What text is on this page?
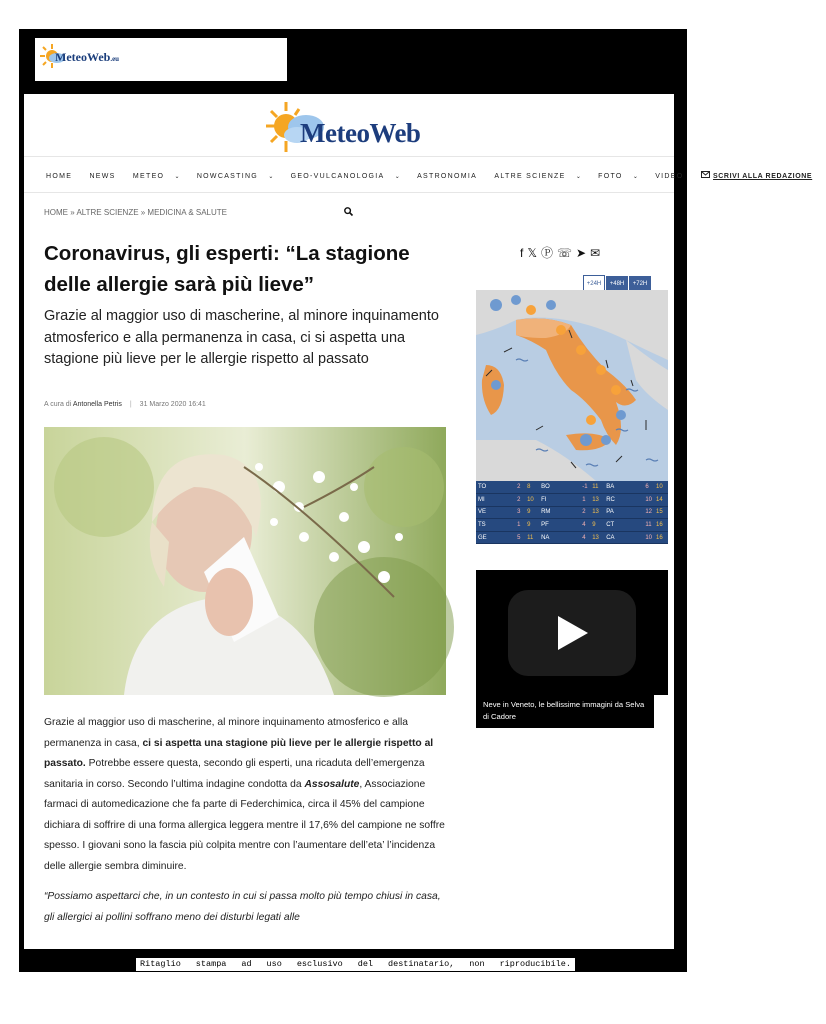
MeteoWeb.eu
MeteoWeb
HOME NEWS METEO ⌄ NOWCASTING ⌄ GEO-VULCANOLOGIA ⌄ ASTRONOMIA ALTRE SCIENZE ⌄ FOTO ⌄ VIDEO	SCRIVI ALLA REDAZIONE
HOME » ALTRE SCIENZE » MEDICINA & SALUTE
Coronavirus, gli esperti: “La stagione delle allergie sarà più lieve”

Grazie al maggior uso di mascherine, al minore inquinamento atmosferico e alla permanenza in casa, ci si aspetta una stagione più lieve per le allergie rispetto al passato

A cura di Antonella Petris | 31 Marzo 2020 16:41

Grazie al maggior uso di mascherine, al minore inquinamento atmosferico e alla permanenza in casa, ci si aspetta una stagione più lieve per le allergie rispetto al passato. Potrebbe essere questa, secondo gli esperti, una ricaduta dell’emergenza sanitaria in corso. Secondo l’ultima indagine condotta da Assosalute, Associazione farmaci di automedicazione che fa parte di Federchimica, circa il 45% del campione dichiara di soffrire di una forma allergica leggera mentre il 17,6% del campione ne soffre spesso. I giovani sono la fascia più colpita mentre con l’aumentare dell’eta’ l’incidenza delle allergie sembra diminuire.

“Possiamo aspettarci che, in un contesto in cui si passa molto più tempo chiusi in casa, gli allergici ai pollini soffrano meno dei disturbi legati alle

f𝕏Ⓟ☏➤✉
+24H +48H +72H
TO	2	8	BO	-1	11	BA	6	10
MI	2	10	FI	1	13	RC	10	14
VE	3	9	RM	2	13	PA	12	15
TS	1	9	PF	4	9	CT	11	16
GE	5	11	NA	4	13	CA	10	16
Neve in Veneto, le bellissime immagini da Selva di Cadore
Ritaglio stampa ad uso esclusivo del destinatario, non riproducibile.
